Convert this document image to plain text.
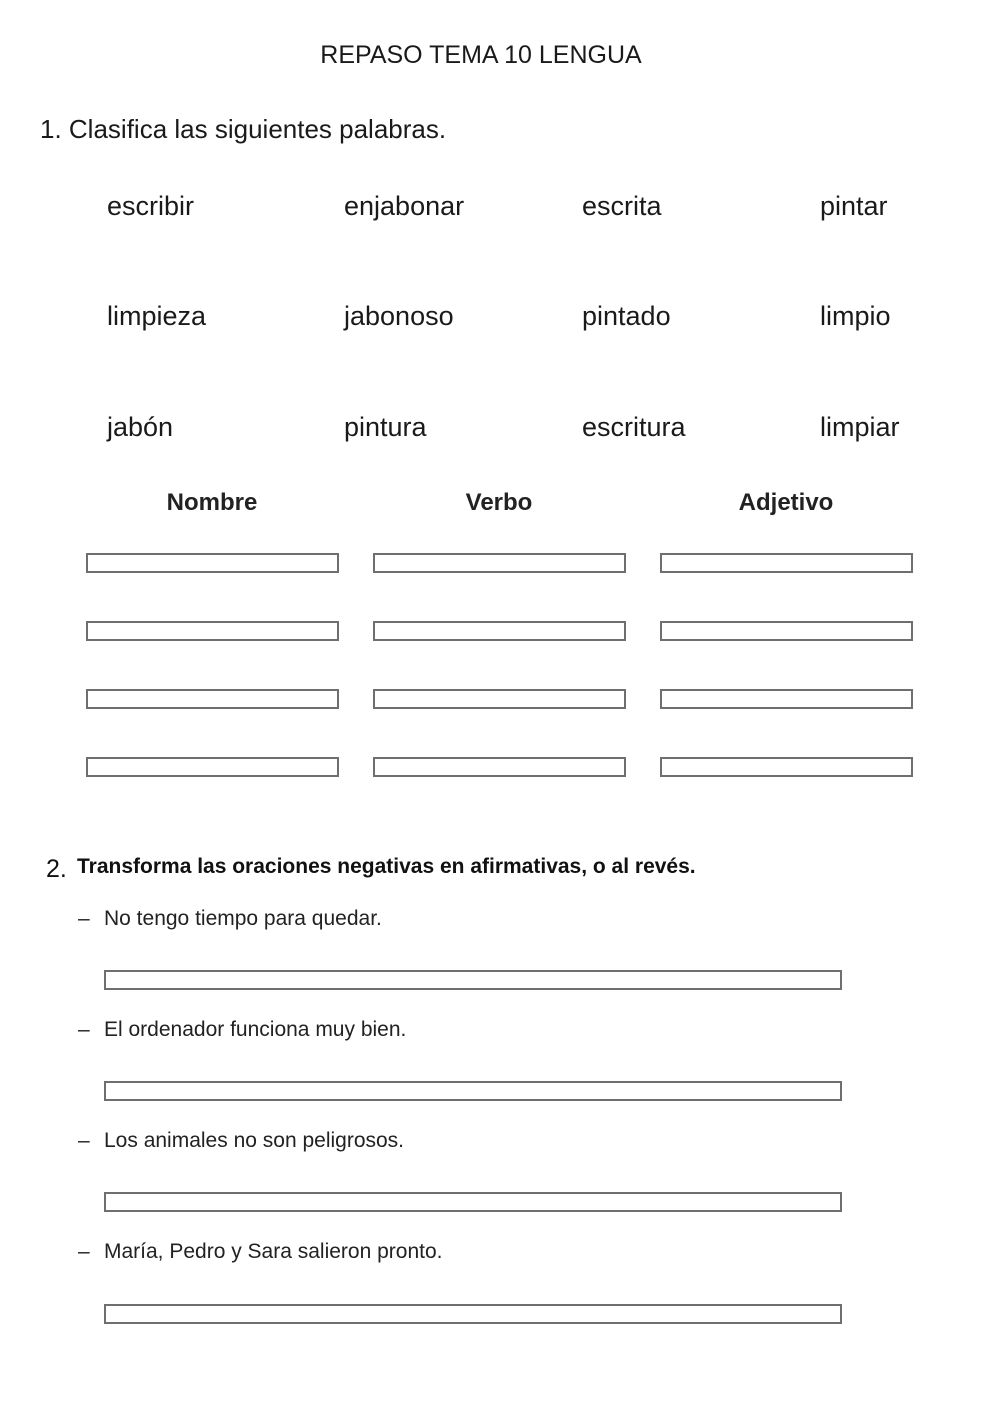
REPASO TEMA 10 LENGUA
1. Clasifica las siguientes palabras.
escribir	enjabonar	escrita	pintar
limpieza	jabonoso	pintado	limpio
jabón	pintura	escritura	limpiar
Nombre	Verbo	Adjetivo
2. Transforma las oraciones negativas en afirmativas, o al revés.
– No tengo tiempo para quedar.
– El ordenador funciona muy bien.
– Los animales no son peligrosos.
– María, Pedro y Sara salieron pronto.
